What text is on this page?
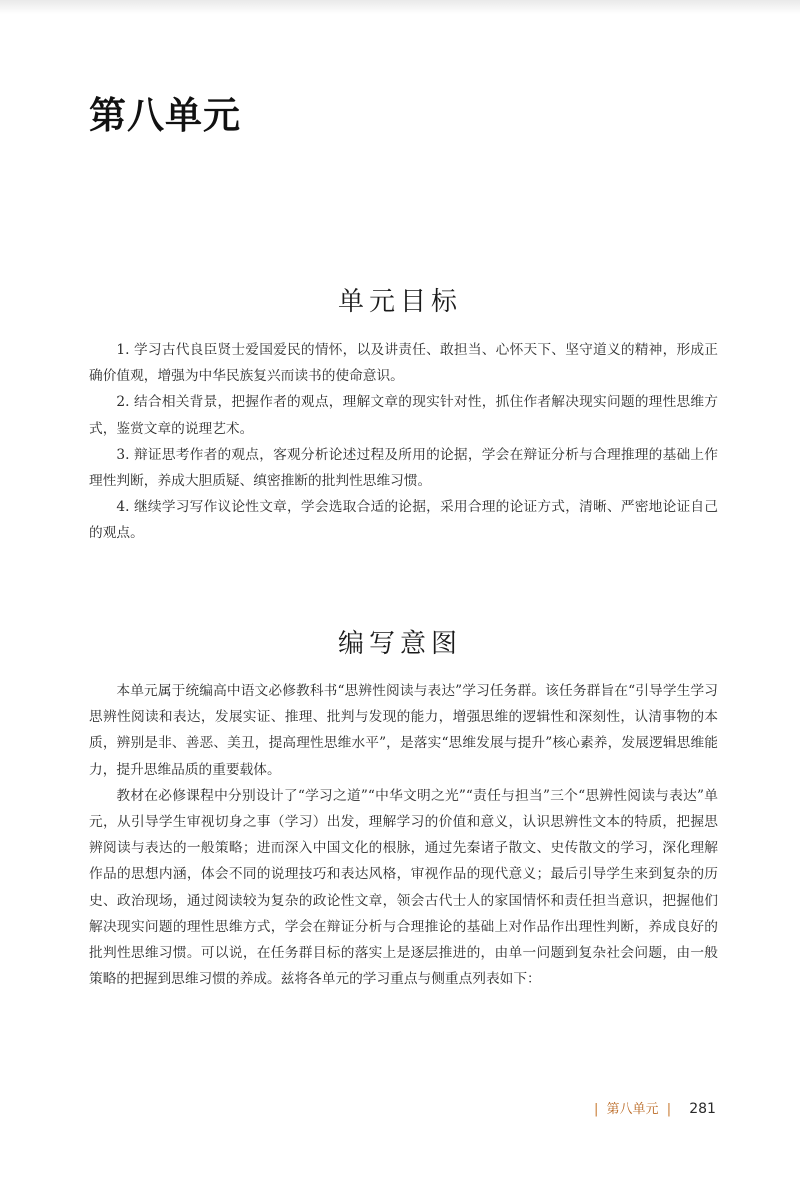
第八单元
单元目标

1. 学习古代良臣贤士爱国爱民的情怀，以及讲责任、敢担当、心怀天下、坚守道义的精神，形成正确价值观，增强为中华民族复兴而读书的使命意识。

2. 结合相关背景，把握作者的观点，理解文章的现实针对性，抓住作者解决现实问题的理性思维方式，鉴赏文章的说理艺术。

3. 辩证思考作者的观点，客观分析论述过程及所用的论据，学会在辩证分析与合理推理的基础上作理性判断，养成大胆质疑、缜密推断的批判性思维习惯。

4. 继续学习写作议论性文章，学会选取合适的论据，采用合理的论证方式，清晰、严密地论证自己的观点。

编写意图

本单元属于统编高中语文必修教科书“思辨性阅读与表达”学习任务群。该任务群旨在“引导学生学习思辨性阅读和表达，发展实证、推理、批判与发现的能力，增强思维的逻辑性和深刻性，认清事物的本质，辨别是非、善恶、美丑，提高理性思维水平”，是落实“思维发展与提升”核心素养，发展逻辑思维能力，提升思维品质的重要载体。

教材在必修课程中分别设计了“学习之道”“中华文明之光”“责任与担当”三个“思辨性阅读与表达”单元，从引导学生审视切身之事（学习）出发，理解学习的价值和意义，认识思辨性文本的特质，把握思辨阅读与表达的一般策略；进而深入中国文化的根脉，通过先秦诸子散文、史传散文的学习，深化理解作品的思想内涵，体会不同的说理技巧和表达风格，审视作品的现代意义；最后引导学生来到复杂的历史、政治现场，通过阅读较为复杂的政论性文章，领会古代士人的家国情怀和责任担当意识，把握他们解决现实问题的理性思维方式，学会在辩证分析与合理推论的基础上对作品作出理性判断，养成良好的批判性思维习惯。可以说，在任务群目标的落实上是逐层推进的，由单一问题到复杂社会问题，由一般策略的把握到思维习惯的养成。兹将各单元的学习重点与侧重点列表如下：

| 第八单元 | 281
